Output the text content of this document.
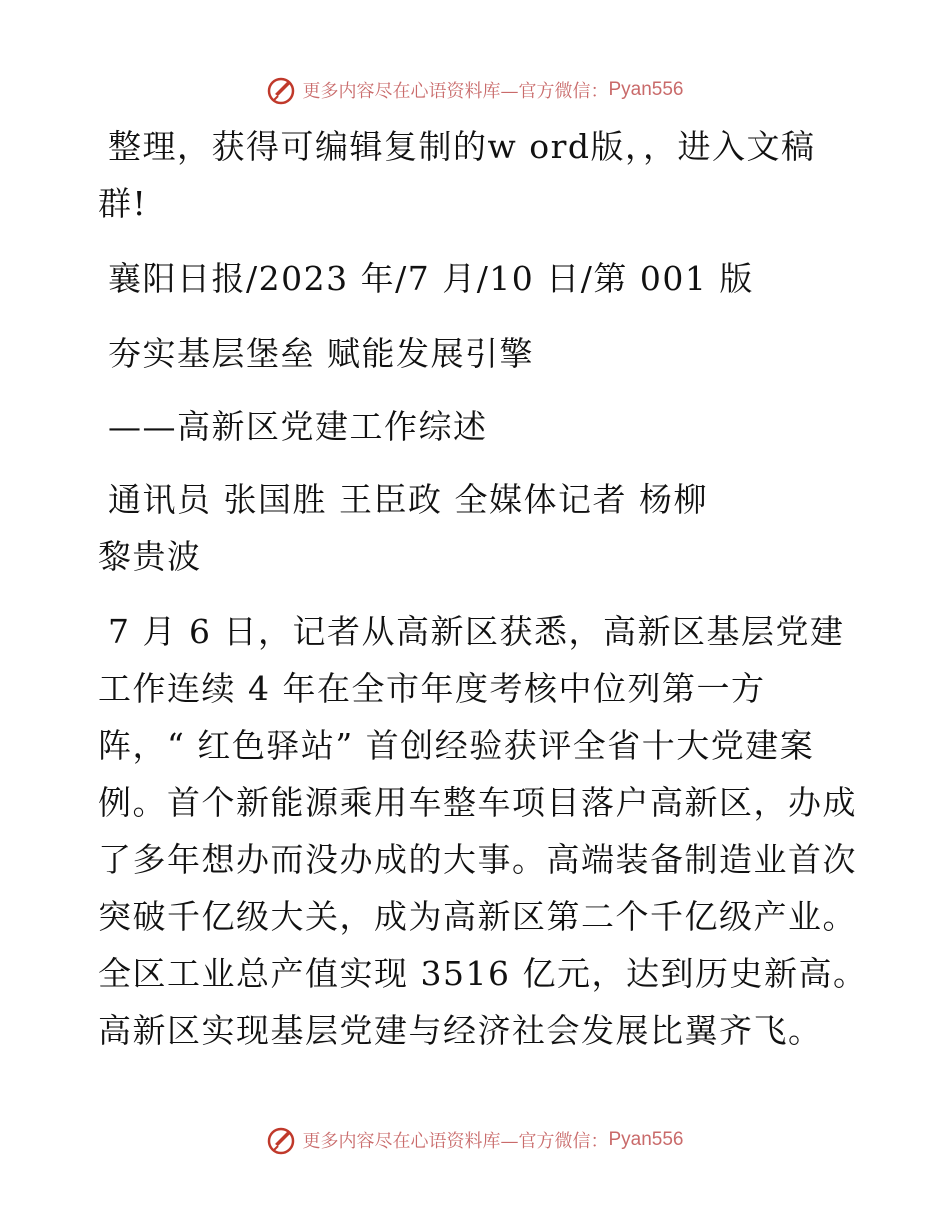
更多内容尽在心语资料库—官方微信： Pyan556
整理，获得可编辑复制的w ord版，，进入文稿
群!
襄阳日报/2023 年/7 月/10 日/第 001 版
夯实基层堡垒 赋能发展引擎
——高新区党建工作综述
通讯员 张国胜 王臣政 全媒体记者 杨柳
黎贵波
7 月 6 日，记者从高新区获悉，高新区基层党建
工作连续 4 年在全市年度考核中位列第一方
阵，“ 红色驿站” 首创经验获评全省十大党建案
例。首个新能源乘用车整车项目落户高新区，办成
了多年想办而没办成的大事。高端装备制造业首次
突破千亿级大关，成为高新区第二个千亿级产业。
全区工业总产值实现 3516 亿元，达到历史新高。
高新区实现基层党建与经济社会发展比翼齐飞。
更多内容尽在心语资料库—官方微信： Pyan556
